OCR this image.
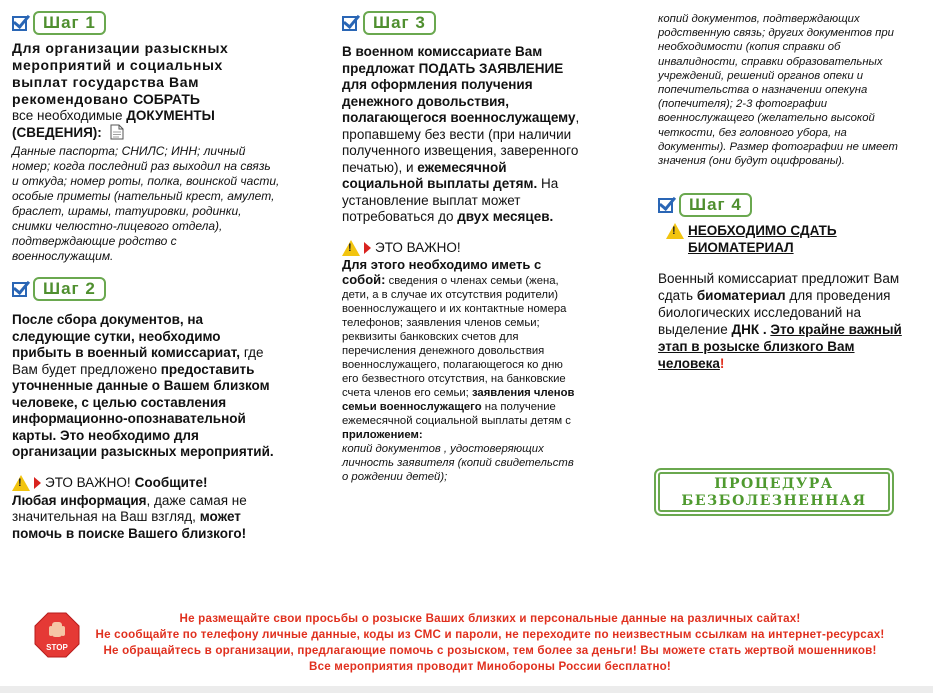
Шаг 1

Для организации разыскных мероприятий и социальных выплат государства Вам рекомендовано СОБРАТЬ

все необходимые ДОКУМЕНТЫ

(СВЕДЕНИЯ):

Данные паспорта; СНИЛС; ИНН; личный номер; когда последний раз выходил на связь и откуда; номер роты, полка, воинской части, особые приметы (нательный крест, амулет, браслет, шрамы, татуировки, родинки, снимки челюстно-лицевого отдела), подтверждающие родство с военнослужащим.

Шаг 2

После сбора документов, на следующие сутки, необходимо прибыть в военный комиссариат, где Вам будет предложено предоставить уточненные данные о Вашем близком человеке, с целью составления информационно-опознавательной карты. Это необходимо для организации разыскных мероприятий.

!
ЭТО ВАЖНО! Сообщите!

Любая информация, даже самая не значительная на Ваш взгляд, может помочь в поиске Вашего близкого!

Шаг 3

В военном комиссариате Вам предложат ПОДАТЬ ЗАЯВЛЕНИЕ для оформления получения денежного довольствия, полагающегося военнослужащему, пропавшему без вести (при наличии полученного извещения, заверенного печатью), и ежемесячной социальной выплаты детям. На установление выплат может потребоваться до двух месяцев.

!
ЭТО ВАЖНО!

Для этого необходимо иметь с собой: сведения о членах семьи (жена, дети, а в случае их отсутствия родители) военнослужащего и их контактные номера телефонов; заявления членов семьи; реквизиты банковских счетов для перечисления денежного довольствия военнослужащего, полагающегося ко дню его безвестного отсутствия, на банковские счета членов его семьи; заявления членов семьи военнослужащего на получение ежемесячной социальной выплаты детям с приложением:

копий документов , удостоверяющих личность заявителя (копий свидетельств о рождении детей);

копий документов, подтверждающих родственную связь; других документов при необходимости (копия справки об инвалидности, справки образовательных учреждений, решений органов опеки и попечительства о назначении опекуна (попечителя); 2-3 фотографии военнослужащего (желательно высокой четкости, без головного убора, на документы). Размер фотографии не имеет значения (они будут оцифрованы).

Шаг 4
!
НЕОБХОДИМО СДАТЬ БИОМАТЕРИАЛ

Военный комиссариат предложит Вам сдать биоматериал для проведения биологических исследований на выделение ДНК . Это крайне важный этап в розыске близкого Вам человека!

ПРОЦЕДУРА
БЕЗБОЛЕЗНЕННАЯ
STOP
Не размещайте свои просьбы о розыске Ваших близких и персональные данные на различных сайтах!
Не сообщайте по телефону личные данные, коды из СМС и пароли, не переходите по неизвестным ссылкам на интернет-ресурсах!
Не обращайтесь в организации, предлагающие помочь с розыском, тем более за деньги! Вы можете стать жертвой мошенников!
Все мероприятия проводит Минобороны России бесплатно!
